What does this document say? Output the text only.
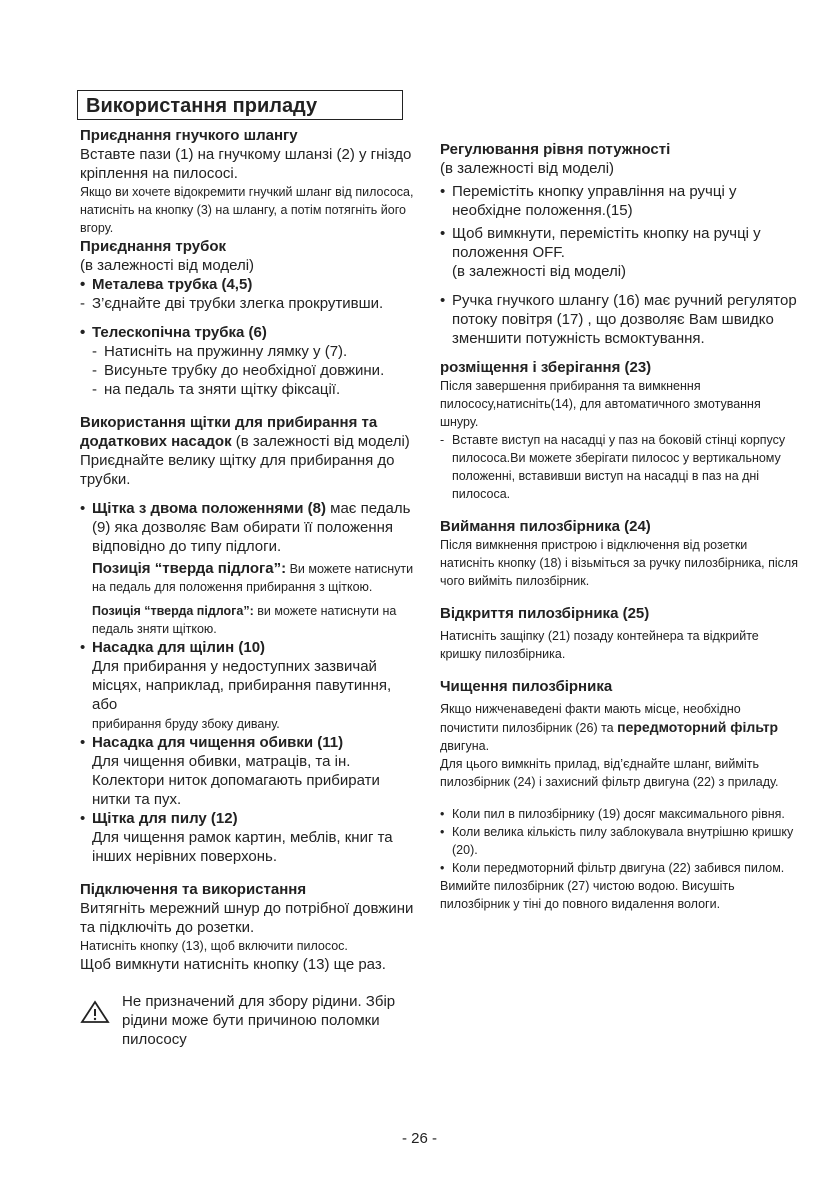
Використання приладу

Приєднання гнучкого шлангу

Вставте пази (1) на гнучкому шланзі (2) у гніздо кріплення на пилососі.

Якщо ви хочете відокремити гнучкий шланг від пилососа, натисніть на кнопку (3) на шлангу, а потім потягніть його вгору.

Приєднання трубок

(в залежності від моделі)

• Металева трубка (4,5)
- З’єднайте дві трубки злегка прокрутивши.
• Телескопічна трубка (6)
- Натисніть на пружинну лямку у (7).
- Висуньте трубку до необхідної довжини.
- на педаль та зняти щітку фіксації.

Використання щітки для прибирання та додаткових насадок (в залежності від моделі)

Приєднайте велику щітку для прибирання до трубки.

• Щітка з двома положеннями (8) має педаль (9) яка дозволяє Вам обирати її положення відповідно до типу підлоги.

Позиція “тверда підлога”: Ви можете натиснути на педаль для положення прибирання з щіткою.

Позиція “тверда підлога”: ви можете натиснути на педаль зняти щіткою.

• Насадка для щілин (10)
Для прибирання у недоступних зазвичай місцях, наприклад, прибирання павутиння, або
прибирання бруду збоку дивану.
• Насадка для чищення обивки (11)
Для чищення обивки, матраців, та ін. Колектори ниток допомагають прибирати нитки та пух.
• Щітка для пилу (12)
Для чищення рамок картин, меблів, книг та інших нерівних поверхонь.

Підключення та використання

Витягніть мережний шнур до потрібної довжини та підключіть до розетки.

Натисніть кнопку (13), щоб включити пилосос.

Щоб вимкнути натисніть кнопку (13) ще раз.

Не призначений для збору рідини. Збір рідини може бути причиною поломки пилососу

Регулювання рівня потужності

(в залежності від моделі)

• Перемістіть кнопку управління на ручці у необхідне положення.(15)
• Щоб вимкнути, перемістіть кнопку на ручці у положення OFF.

(в залежності від моделі)

• Ручка гнучкого шлангу (16) має ручний регулятор потоку повітря (17) , що дозволяє Вам швидко зменшити потужність всмоктування.

розміщення і зберігання (23)

Після завершення прибирання та вимкнення пилососу,натисніть(14), для автоматичного змотування шнуру.

- Вставте виступ на насадці у паз на боковій стінці корпусу пилососа.Ви можете зберігати пилосос у вертикальному положенні, вставивши виступ на насадці в паз на дні пилососа.

Виймання пилозбірника (24)

Після вимкнення пристрою і відключення від розетки натисніть кнопку (18) і візьміться за ручку пилозбірника, після чого вийміть пилозбірник.

Відкриття пилозбірника (25)

Натисніть защіпку (21) позаду контейнера та відкрийте кришку пилозбірника.

Чищення пилозбірника

Якщо нижченаведені факти мають місце, необхідно почистити пилозбірник (26) та передмоторний фільтр двигуна.

Для цього вимкніть прилад, від’єднайте шланг, вийміть пилозбірник (24) і захисний фільтр двигуна (22) з приладу.

• Коли пил в пилозбірнику (19) досяг максимального рівня.
• Коли велика кількість пилу заблокувала внутрішню кришку (20).
• Коли передмоторний фільтр двигуна (22) забився пилом.

Вимийте пилозбірник (27) чистою водою. Висушіть пилозбірник у тіні до повного видалення вологи.

- 26 -
